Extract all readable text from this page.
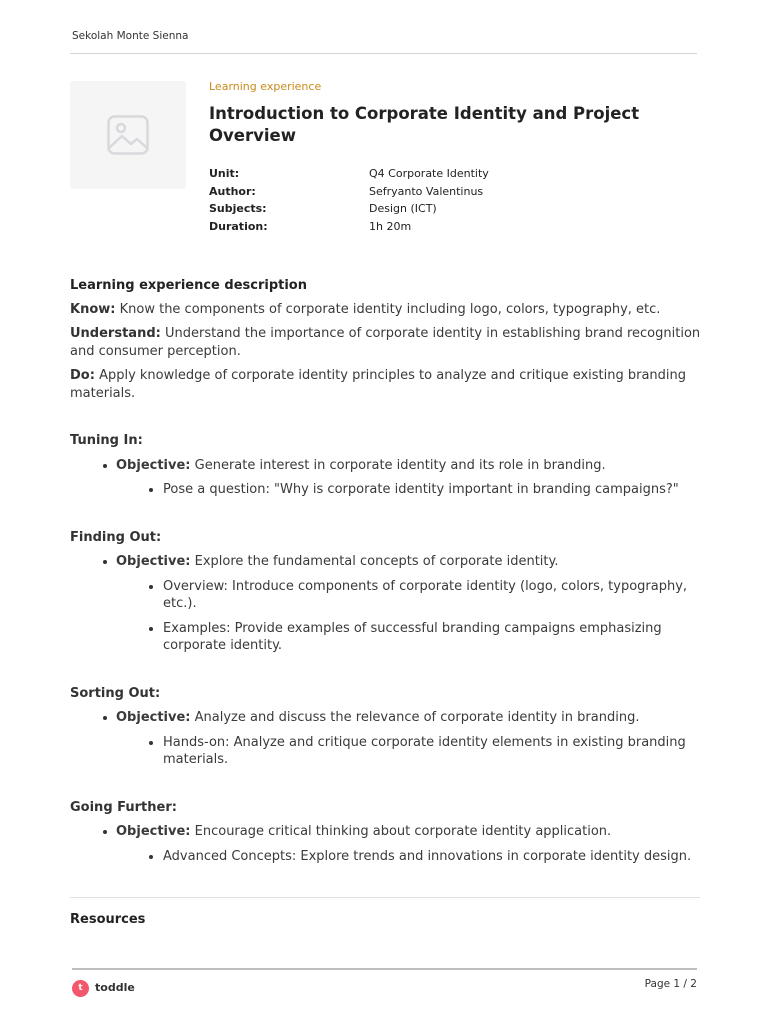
Sekolah Monte Sienna
Learning experience
Introduction to Corporate Identity and Project Overview
Unit:	Q4 Corporate Identity
Author:	Sefryanto Valentinus
Subjects:	Design (ICT)
Duration:	1h 20m
Learning experience description

Know: Know the components of corporate identity including logo, colors, typography, etc.

Understand: Understand the importance of corporate identity in establishing brand recognition and consumer perception.

Do: Apply knowledge of corporate identity principles to analyze and critique existing branding materials.

Tuning In:
Objective: Generate interest in corporate identity and its role in branding.
Pose a question: "Why is corporate identity important in branding campaigns?"
Finding Out:
Objective: Explore the fundamental concepts of corporate identity.
Overview: Introduce components of corporate identity (logo, colors, typography, etc.).
Examples: Provide examples of successful branding campaigns emphasizing corporate identity.
Sorting Out:
Objective: Analyze and discuss the relevance of corporate identity in branding.
Hands-on: Analyze and critique corporate identity elements in existing branding materials.
Going Further:
Objective: Encourage critical thinking about corporate identity application.
Advanced Concepts: Explore trends and innovations in corporate identity design.
Resources
t	toddle	Page 1 / 2
